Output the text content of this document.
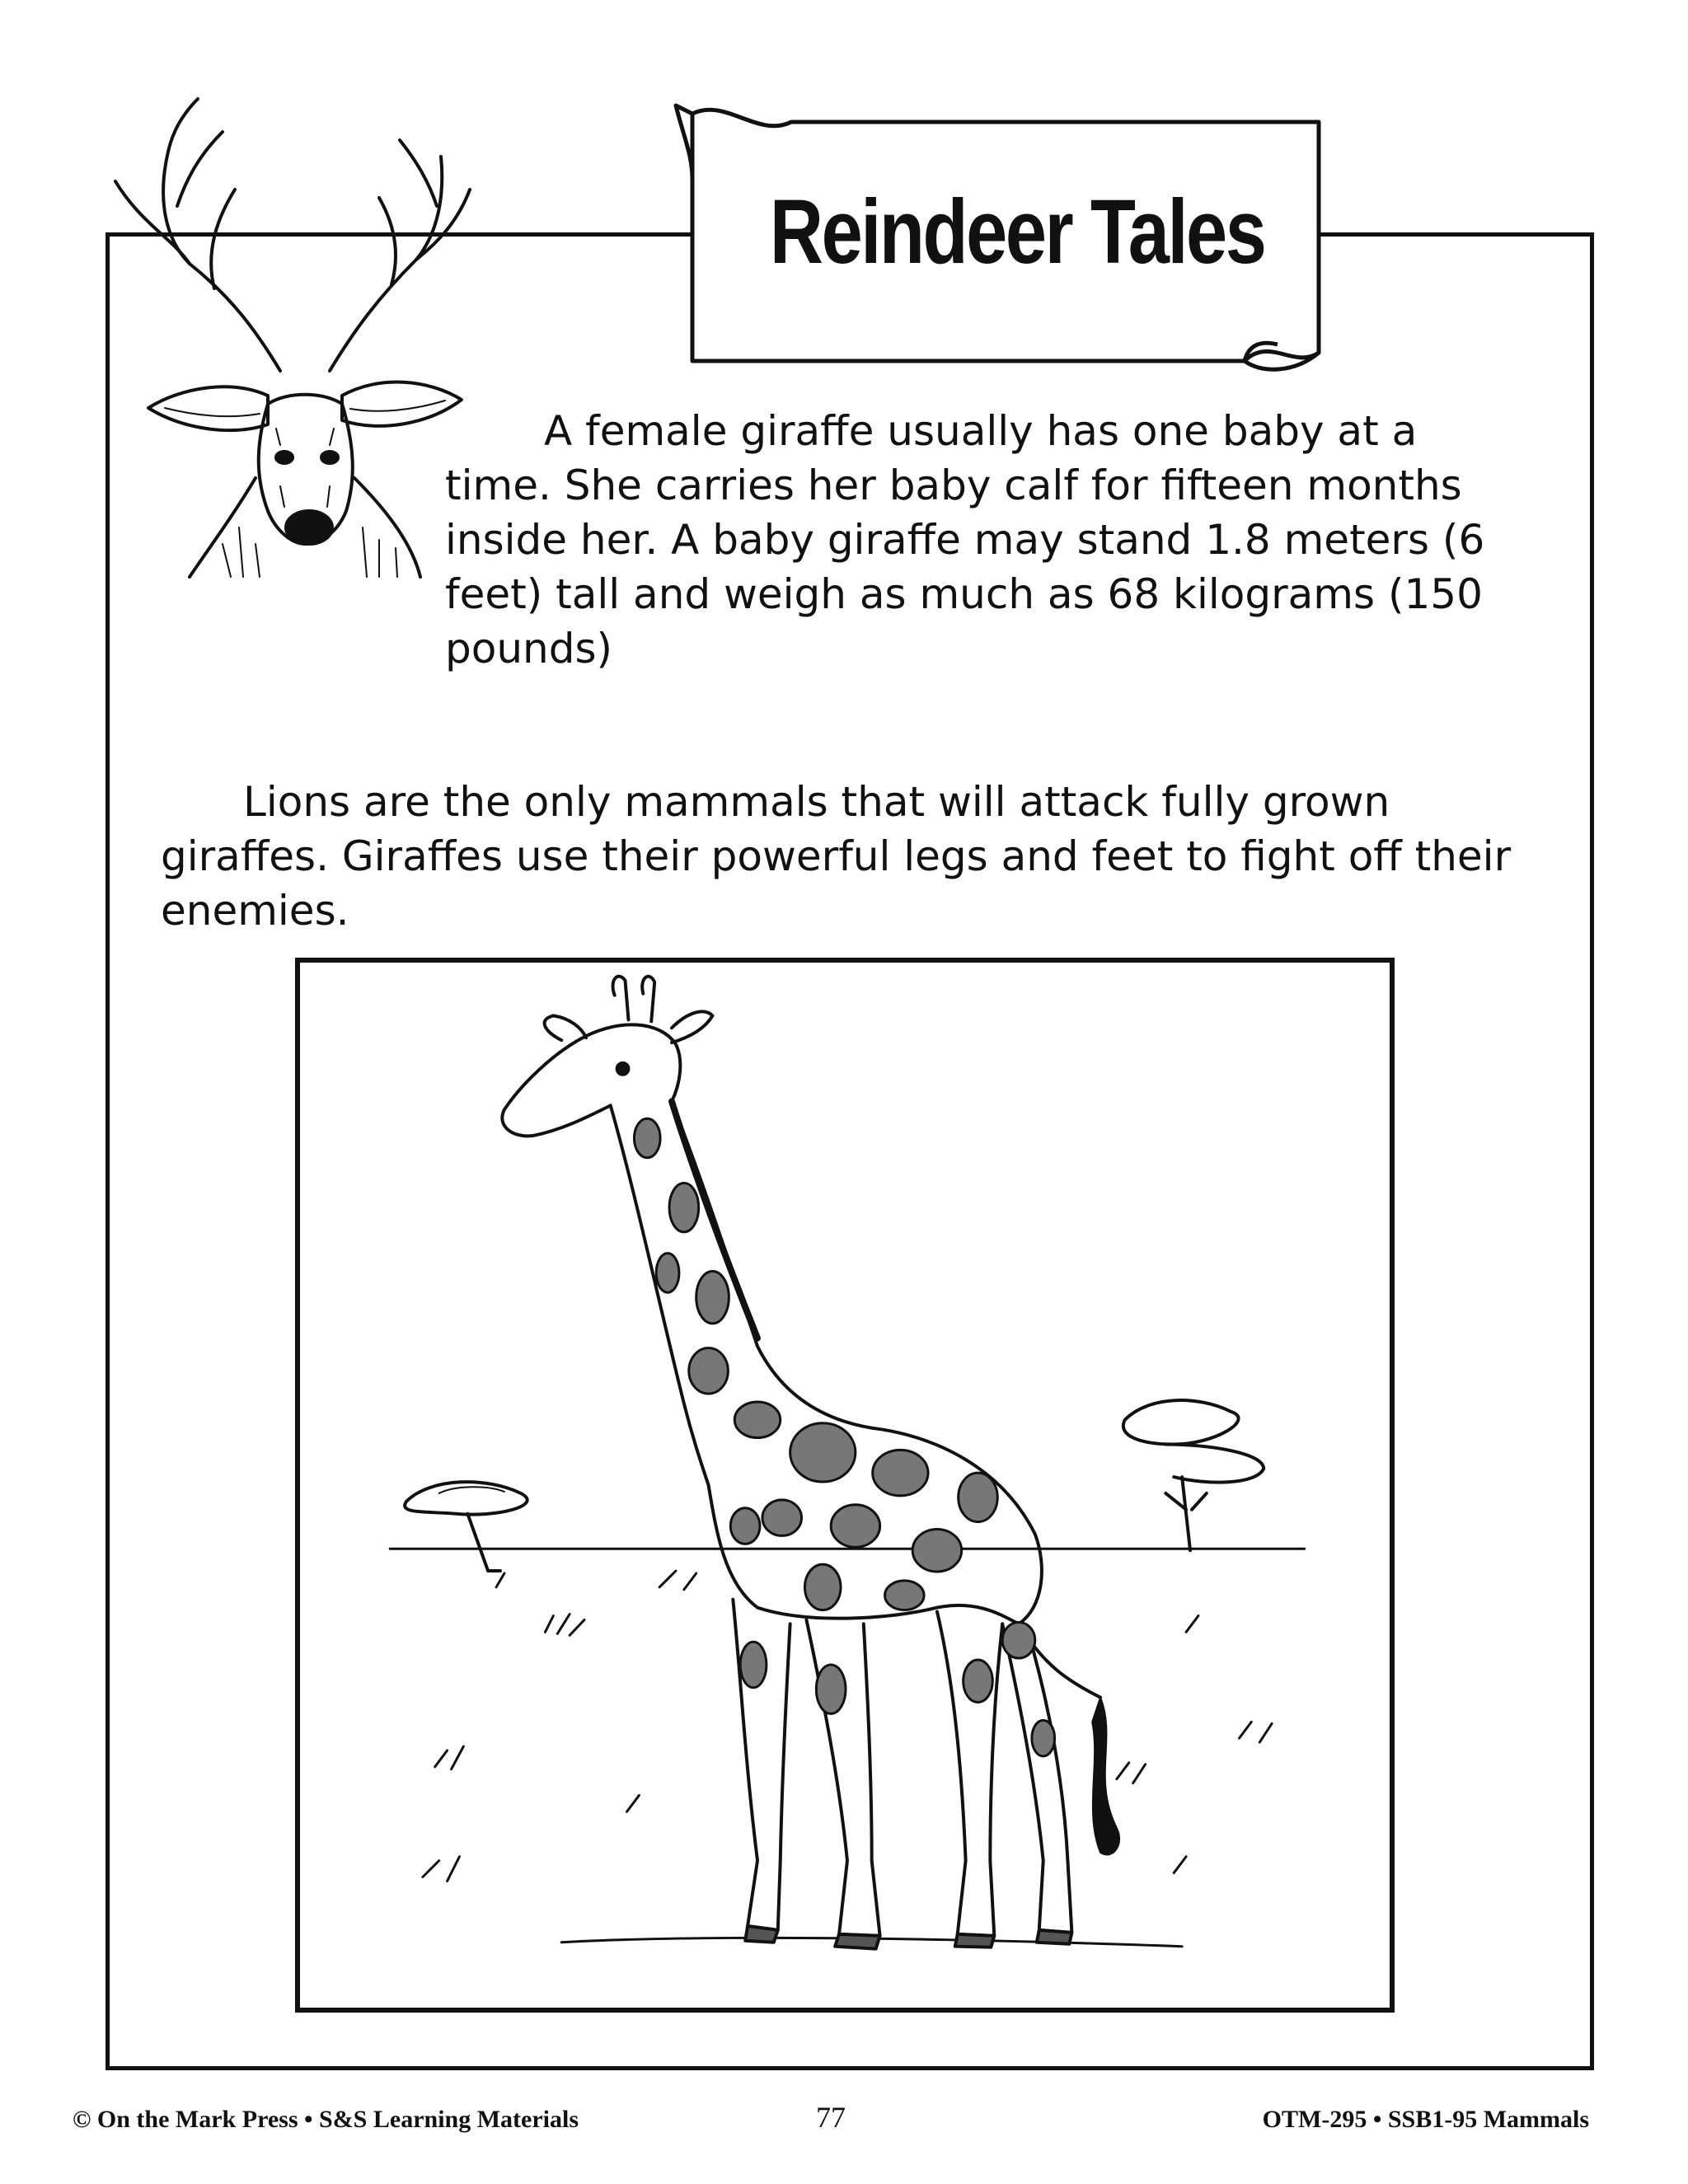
Reindeer Tales
A female giraffe usually has one baby at a time. She carries her baby calf for fifteen months inside her. A baby giraffe may stand 1.8 meters (6 feet) tall and weigh as much as 68 kilograms (150 pounds)
Lions are the only mammals that will attack fully grown giraffes. Giraffes use their powerful legs and feet to fight off their enemies.
© On the Mark Press • S&S Learning Materials	77	OTM-295 • SSB1-95 Mammals
